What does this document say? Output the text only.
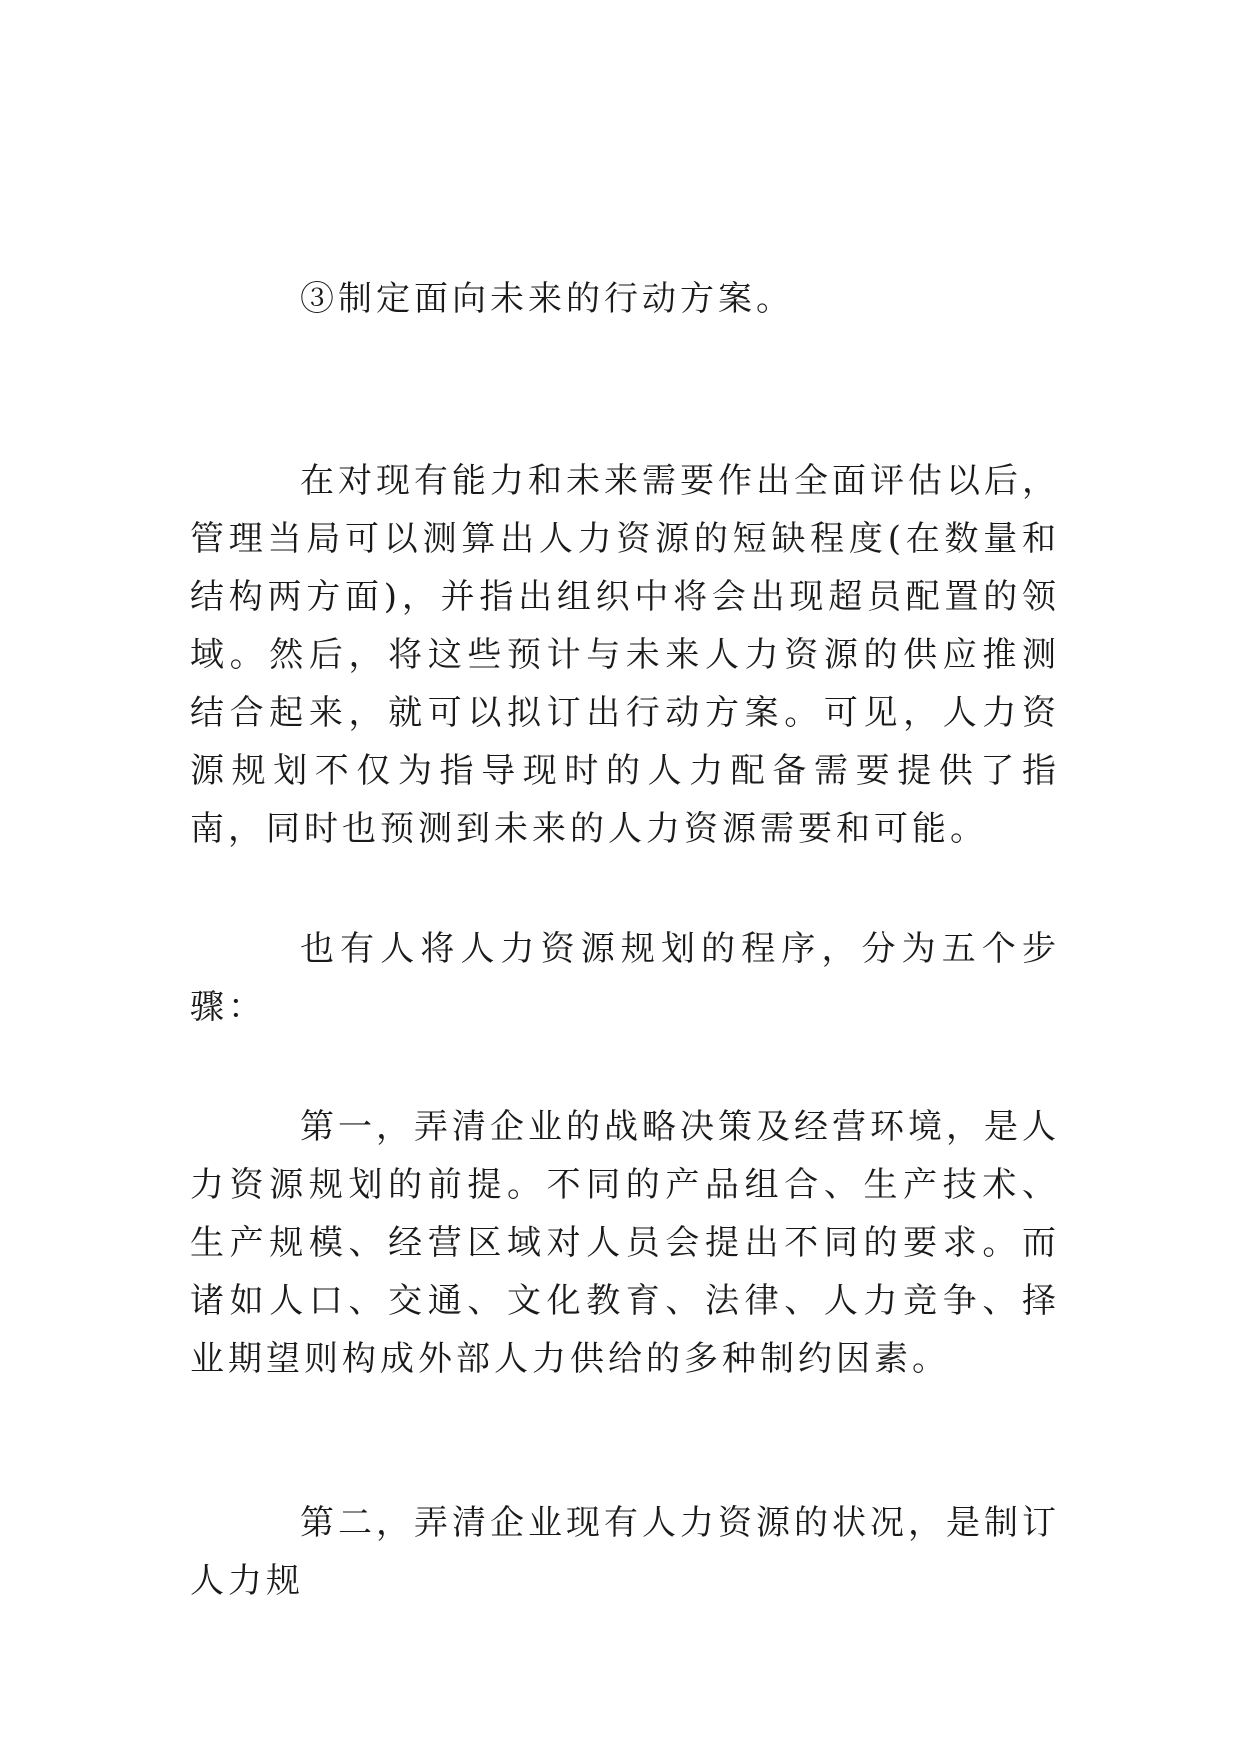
③制定面向未来的行动方案。

在对现有能力和未来需要作出全面评估以后，管理当局可以测算出人力资源的短缺程度(在数量和结构两方面)，并指出组织中将会出现超员配置的领域。然后，将这些预计与未来人力资源的供应推测结合起来，就可以拟订出行动方案。可见，人力资源规划不仅为指导现时的人力配备需要提供了指南，同时也预测到未来的人力资源需要和可能。

也有人将人力资源规划的程序，分为五个步骤：

第一，弄清企业的战略决策及经营环境，是人力资源规划的前提。不同的产品组合、生产技术、生产规模、经营区域对人员会提出不同的要求。而诸如人口、交通、文化教育、法律、人力竞争、择业期望则构成外部人力供给的多种制约因素。

第二，弄清企业现有人力资源的状况，是制订人力规
